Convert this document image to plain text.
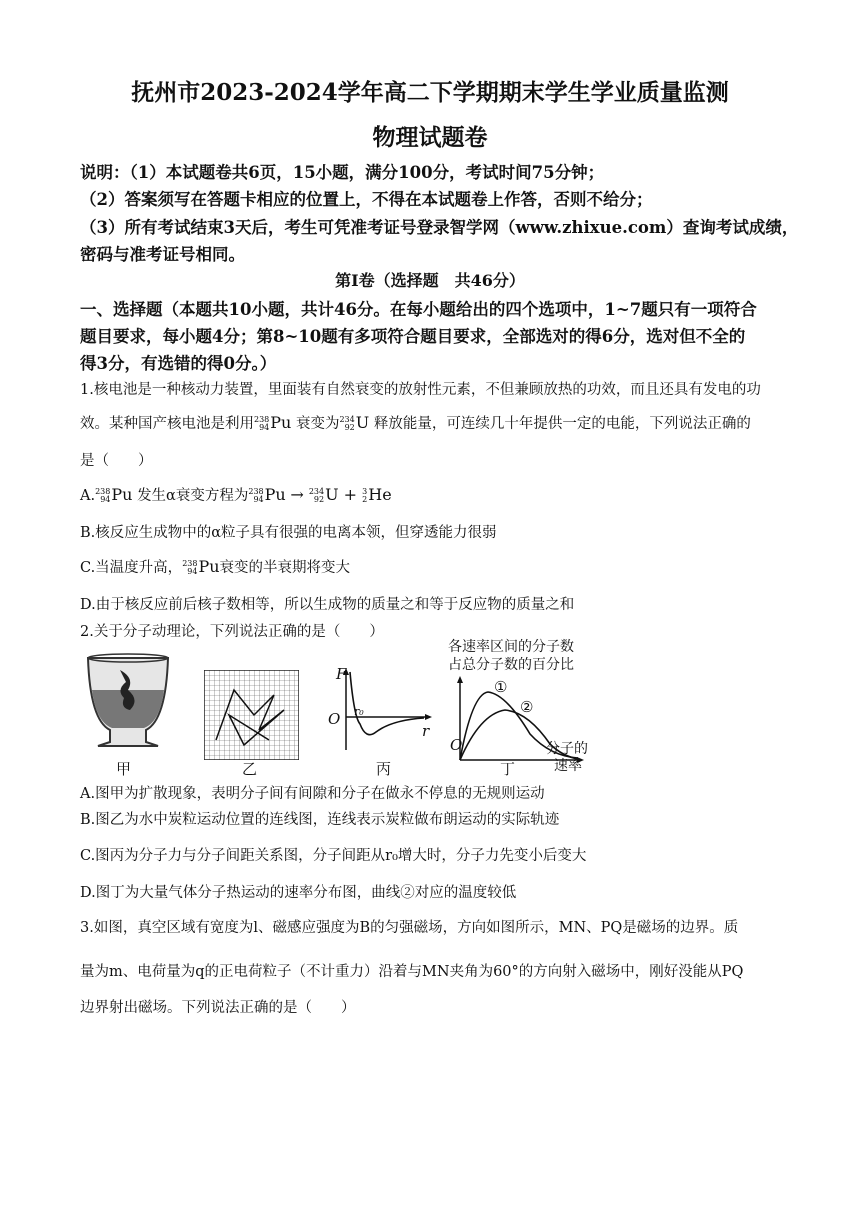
抚州市2023-2024学年高二下学期期末学生学业质量监测
物理试题卷
说明：（1）本试题卷共6页，15小题，满分100分，考试时间75分钟；
（2）答案须写在答题卡相应的位置上，不得在本试题卷上作答，否则不给分；
（3）所有考试结束3天后，考生可凭准考证号登录智学网（www.zhixue.com）查询考试成绩，
密码与准考证号相同。
第Ⅰ卷（选择题　共46分）
一、选择题（本题共10小题，共计46分。在每小题给出的四个选项中，1~7题只有一项符合
题目要求，每小题4分；第8~10题有多项符合题目要求，全部选对的得6分，选对但不全的
得3分，有选错的得0分。）
1.核电池是一种核动力装置，里面装有自然衰变的放射性元素，不但兼顾放热的功效，而且还具有发电的功
效。某种国产核电池是利用238
94Pu 衰变为234
92U 释放能量，可连续几十年提供一定的电能，下列说法正确的
是（　　）
A.238
94Pu 发生α衰变方程为238
94Pu → 234
92U + 3
2He
B.核反应生成物中的α粒子具有很强的电离本领，但穿透能力很弱
C.当温度升高，238
94Pu衰变的半衰期将变大
D.由于核反应前后核子数相等，所以生成物的质量之和等于反应物的质量之和
2.关于分子动理论，下列说法正确的是（　　）
甲	乙
F
O r₀
r
丙
各速率区间的分子数
占总分子数的百分比
①
②
O	分子的
速率
丁
A.图甲为扩散现象，表明分子间有间隙和分子在做永不停息的无规则运动
B.图乙为水中炭粒运动位置的连线图，连线表示炭粒做布朗运动的实际轨迹
C.图丙为分子力与分子间距关系图，分子间距从r₀增大时，分子力先变小后变大
D.图丁为大量气体分子热运动的速率分布图，曲线②对应的温度较低
3.如图，真空区域有宽度为l、磁感应强度为B的匀强磁场，方向如图所示，MN、PQ是磁场的边界。质
量为m、电荷量为q的正电荷粒子（不计重力）沿着与MN夹角为60°的方向射入磁场中，刚好没能从PQ
边界射出磁场。下列说法正确的是（　　）
